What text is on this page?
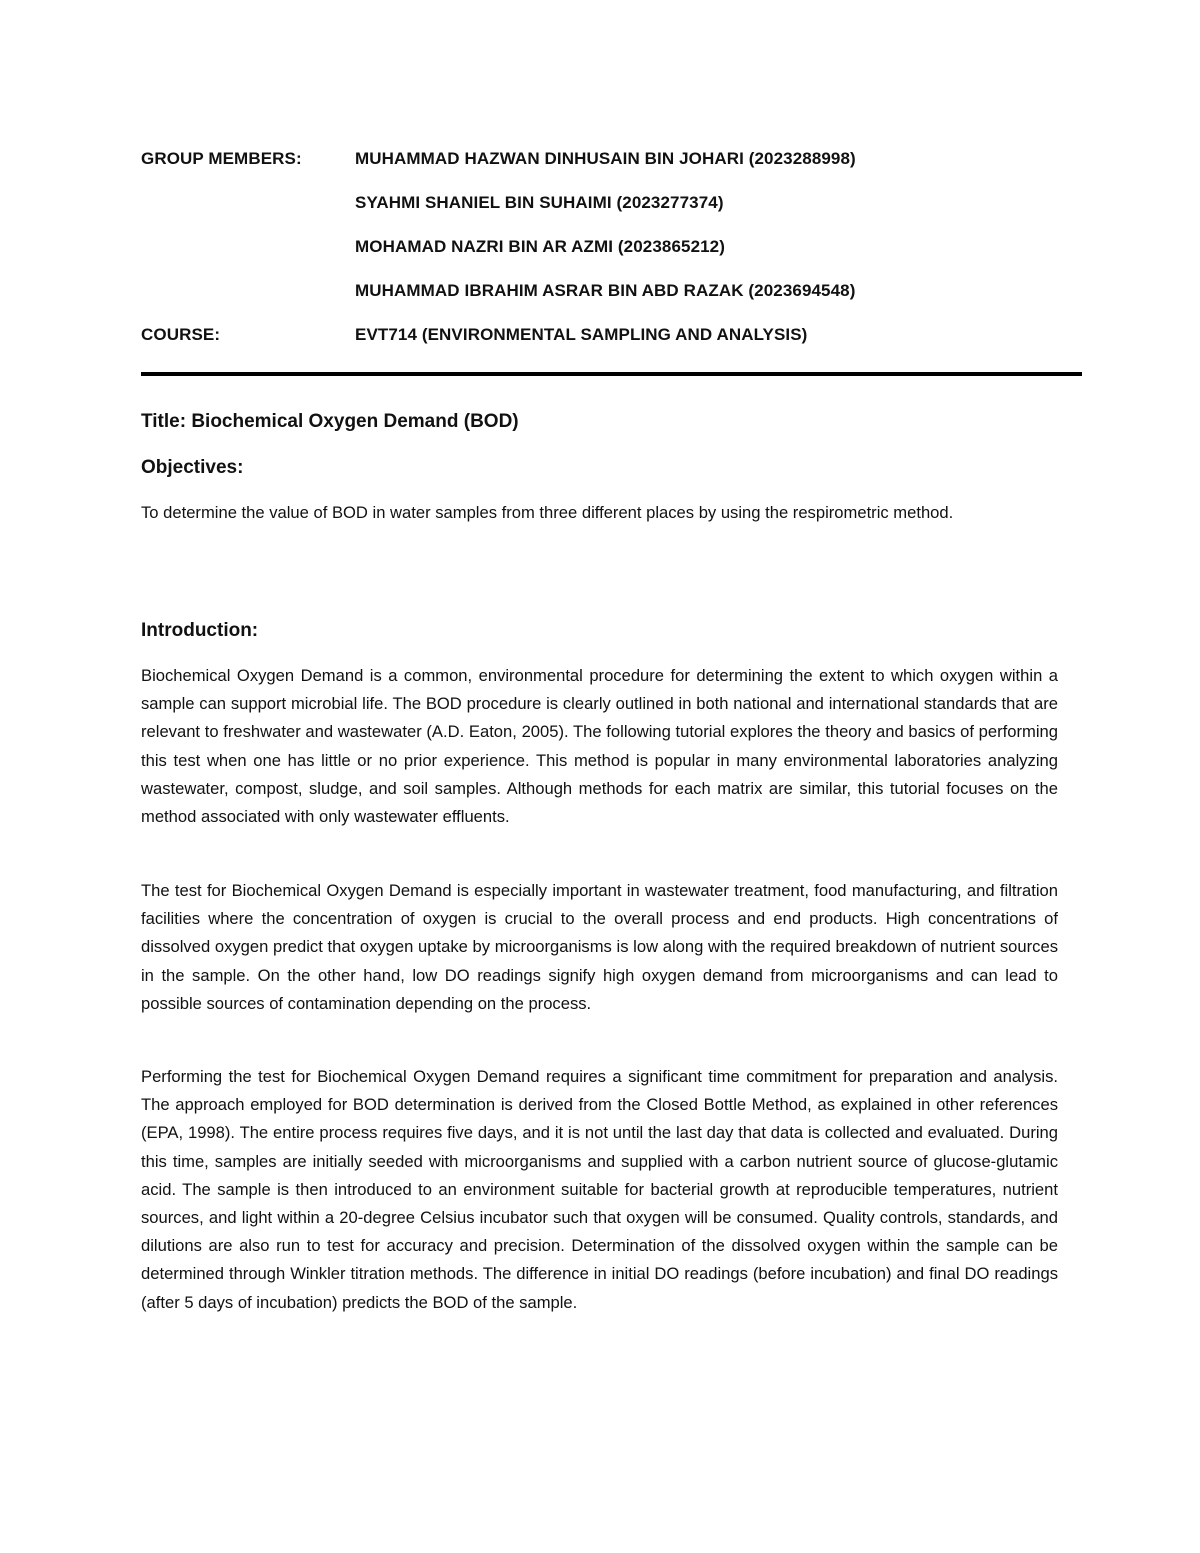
GROUP MEMBERS:	MUHAMMAD HAZWAN DINHUSAIN BIN JOHARI (2023288998)
SYAHMI SHANIEL BIN SUHAIMI (2023277374)
MOHAMAD NAZRI BIN AR AZMI (2023865212)
MUHAMMAD IBRAHIM ASRAR BIN ABD RAZAK (2023694548)
COURSE:	EVT714 (ENVIRONMENTAL SAMPLING AND ANALYSIS)
Title: Biochemical Oxygen Demand (BOD)
Objectives:

To determine the value of BOD in water samples from three different places by using the respirometric method.

Introduction:

Biochemical Oxygen Demand is a common, environmental procedure for determining the extent to which oxygen within a sample can support microbial life. The BOD procedure is clearly outlined in both national and international standards that are relevant to freshwater and wastewater (A.D. Eaton, 2005). The following tutorial explores the theory and basics of performing this test when one has little or no prior experience. This method is popular in many environmental laboratories analyzing wastewater, compost, sludge, and soil samples. Although methods for each matrix are similar, this tutorial focuses on the method associated with only wastewater effluents.

The test for Biochemical Oxygen Demand is especially important in wastewater treatment, food manufacturing, and filtration facilities where the concentration of oxygen is crucial to the overall process and end products. High concentrations of dissolved oxygen predict that oxygen uptake by microorganisms is low along with the required breakdown of nutrient sources in the sample. On the other hand, low DO readings signify high oxygen demand from microorganisms and can lead to possible sources of contamination depending on the process.

Performing the test for Biochemical Oxygen Demand requires a significant time commitment for preparation and analysis. The approach employed for BOD determination is derived from the Closed Bottle Method, as explained in other references (EPA, 1998). The entire process requires five days, and it is not until the last day that data is collected and evaluated. During this time, samples are initially seeded with microorganisms and supplied with a carbon nutrient source of glucose-glutamic acid. The sample is then introduced to an environment suitable for bacterial growth at reproducible temperatures, nutrient sources, and light within a 20-degree Celsius incubator such that oxygen will be consumed. Quality controls, standards, and dilutions are also run to test for accuracy and precision. Determination of the dissolved oxygen within the sample can be determined through Winkler titration methods. The difference in initial DO readings (before incubation) and final DO readings (after 5 days of incubation) predicts the BOD of the sample.
